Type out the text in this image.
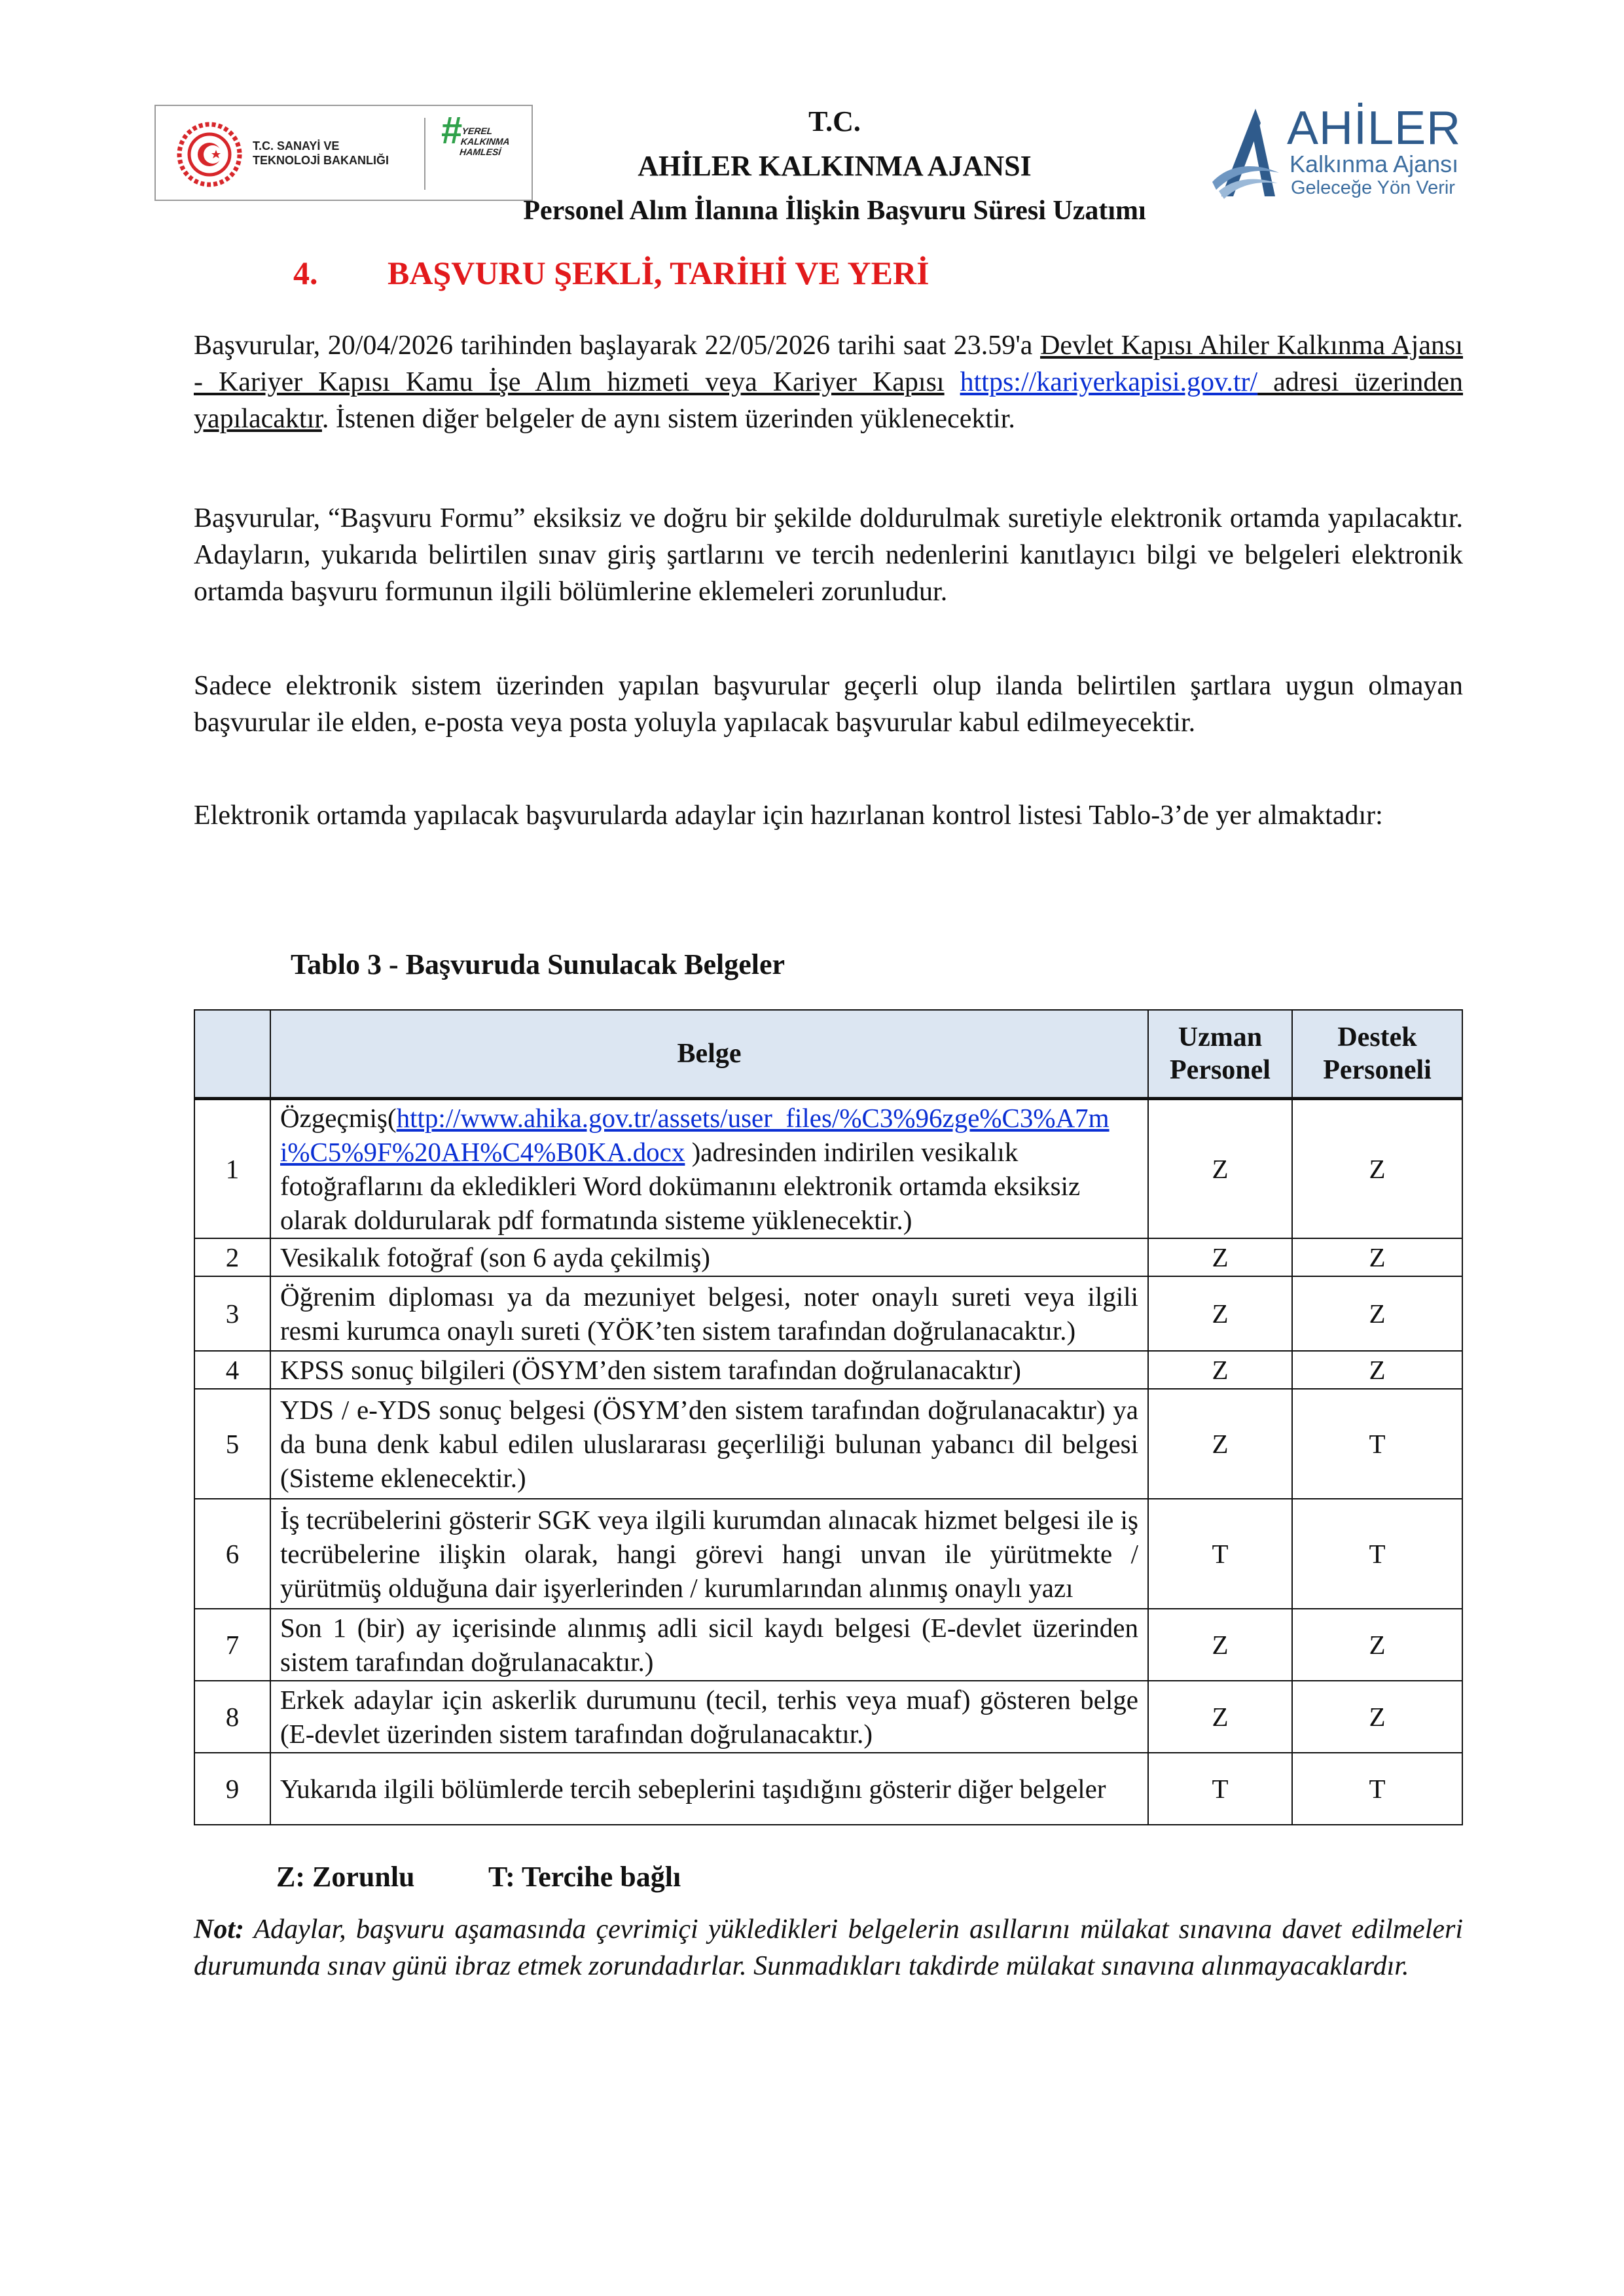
T.C. SANAYİ VE
TEKNOLOJİ BAKANLIĞI
#
YEREL
KALKINMA
HAMLESİ
T.C.
AHİLER KALKINMA AJANSI
Personel Alım İlanına İlişkin Başvuru Süresi Uzatımı
AHİLER
Kalkınma Ajansı
Geleceğe Yön Verir
4. BAŞVURU ŞEKLİ, TARİHİ VE YERİ

Başvurular, 20/04/2026 tarihinden başlayarak 22/05/2026 tarihi saat 23.59'a Devlet Kapısı Ahiler Kalkınma Ajansı - Kariyer Kapısı Kamu İşe Alım hizmeti veya Kariyer Kapısı https://kariyerkapisi.gov.tr/ adresi üzerinden yapılacaktır. İstenen diğer belgeler de aynı sistem üzerinden yüklenecektir.

Başvurular, “Başvuru Formu” eksiksiz ve doğru bir şekilde doldurulmak suretiyle elektronik ortamda yapılacaktır. Adayların, yukarıda belirtilen sınav giriş şartlarını ve tercih nedenlerini kanıtlayıcı bilgi ve belgeleri elektronik ortamda başvuru formunun ilgili bölümlerine eklemeleri zorunludur.

Sadece elektronik sistem üzerinden yapılan başvurular geçerli olup ilanda belirtilen şartlara uygun olmayan başvurular ile elden, e-posta veya posta yoluyla yapılacak başvurular kabul edilmeyecektir.

Elektronik ortamda yapılacak başvurularda adaylar için hazırlanan kontrol listesi Tablo-3’de yer almaktadır:

Tablo 3 - Başvuruda Sunulacak Belgeler
	Belge	Uzman Personel	Destek Personeli
1	Özgeçmiş(http://www.ahika.gov.tr/assets/user_files/%C3%96zge%C3%A7mi%C5%9F%20AH%C4%B0KA.docx )adresinden indirilen vesikalık fotoğraflarını da ekledikleri Word dokümanını elektronik ortamda eksiksiz olarak doldurularak pdf formatında sisteme yüklenecektir.)	Z	Z
2	Vesikalık fotoğraf (son 6 ayda çekilmiş)	Z	Z
3	Öğrenim diploması ya da mezuniyet belgesi, noter onaylı sureti veya ilgili resmi kurumca onaylı sureti (YÖK’ten sistem tarafından doğrulanacaktır.)	Z	Z
4	KPSS sonuç bilgileri (ÖSYM’den sistem tarafından doğrulanacaktır)	Z	Z
5	YDS / e-YDS sonuç belgesi (ÖSYM’den sistem tarafından doğrulanacaktır) ya da buna denk kabul edilen uluslararası geçerliliği bulunan yabancı dil belgesi (Sisteme eklenecektir.)	Z	T
6	İş tecrübelerini gösterir SGK veya ilgili kurumdan alınacak hizmet belgesi ile iş tecrübelerine ilişkin olarak, hangi görevi hangi unvan ile yürütmekte / yürütmüş olduğuna dair işyerlerinden / kurumlarından alınmış onaylı yazı	T	T
7	Son 1 (bir) ay içerisinde alınmış adli sicil kaydı belgesi (E-devlet üzerinden sistem tarafından doğrulanacaktır.)	Z	Z
8	Erkek adaylar için askerlik durumunu (tecil, terhis veya muaf) gösteren belge (E-devlet üzerinden sistem tarafından doğrulanacaktır.)	Z	Z
9	Yukarıda ilgili bölümlerde tercih sebeplerini taşıdığını gösterir diğer belgeler	T	T
Z: Zorunlu	T: Tercihe bağlı

Not: Adaylar, başvuru aşamasında çevrimiçi yükledikleri belgelerin asıllarını mülakat sınavına davet edilmeleri durumunda sınav günü ibraz etmek zorundadırlar. Sunmadıkları takdirde mülakat sınavına alınmayacaklardır.
